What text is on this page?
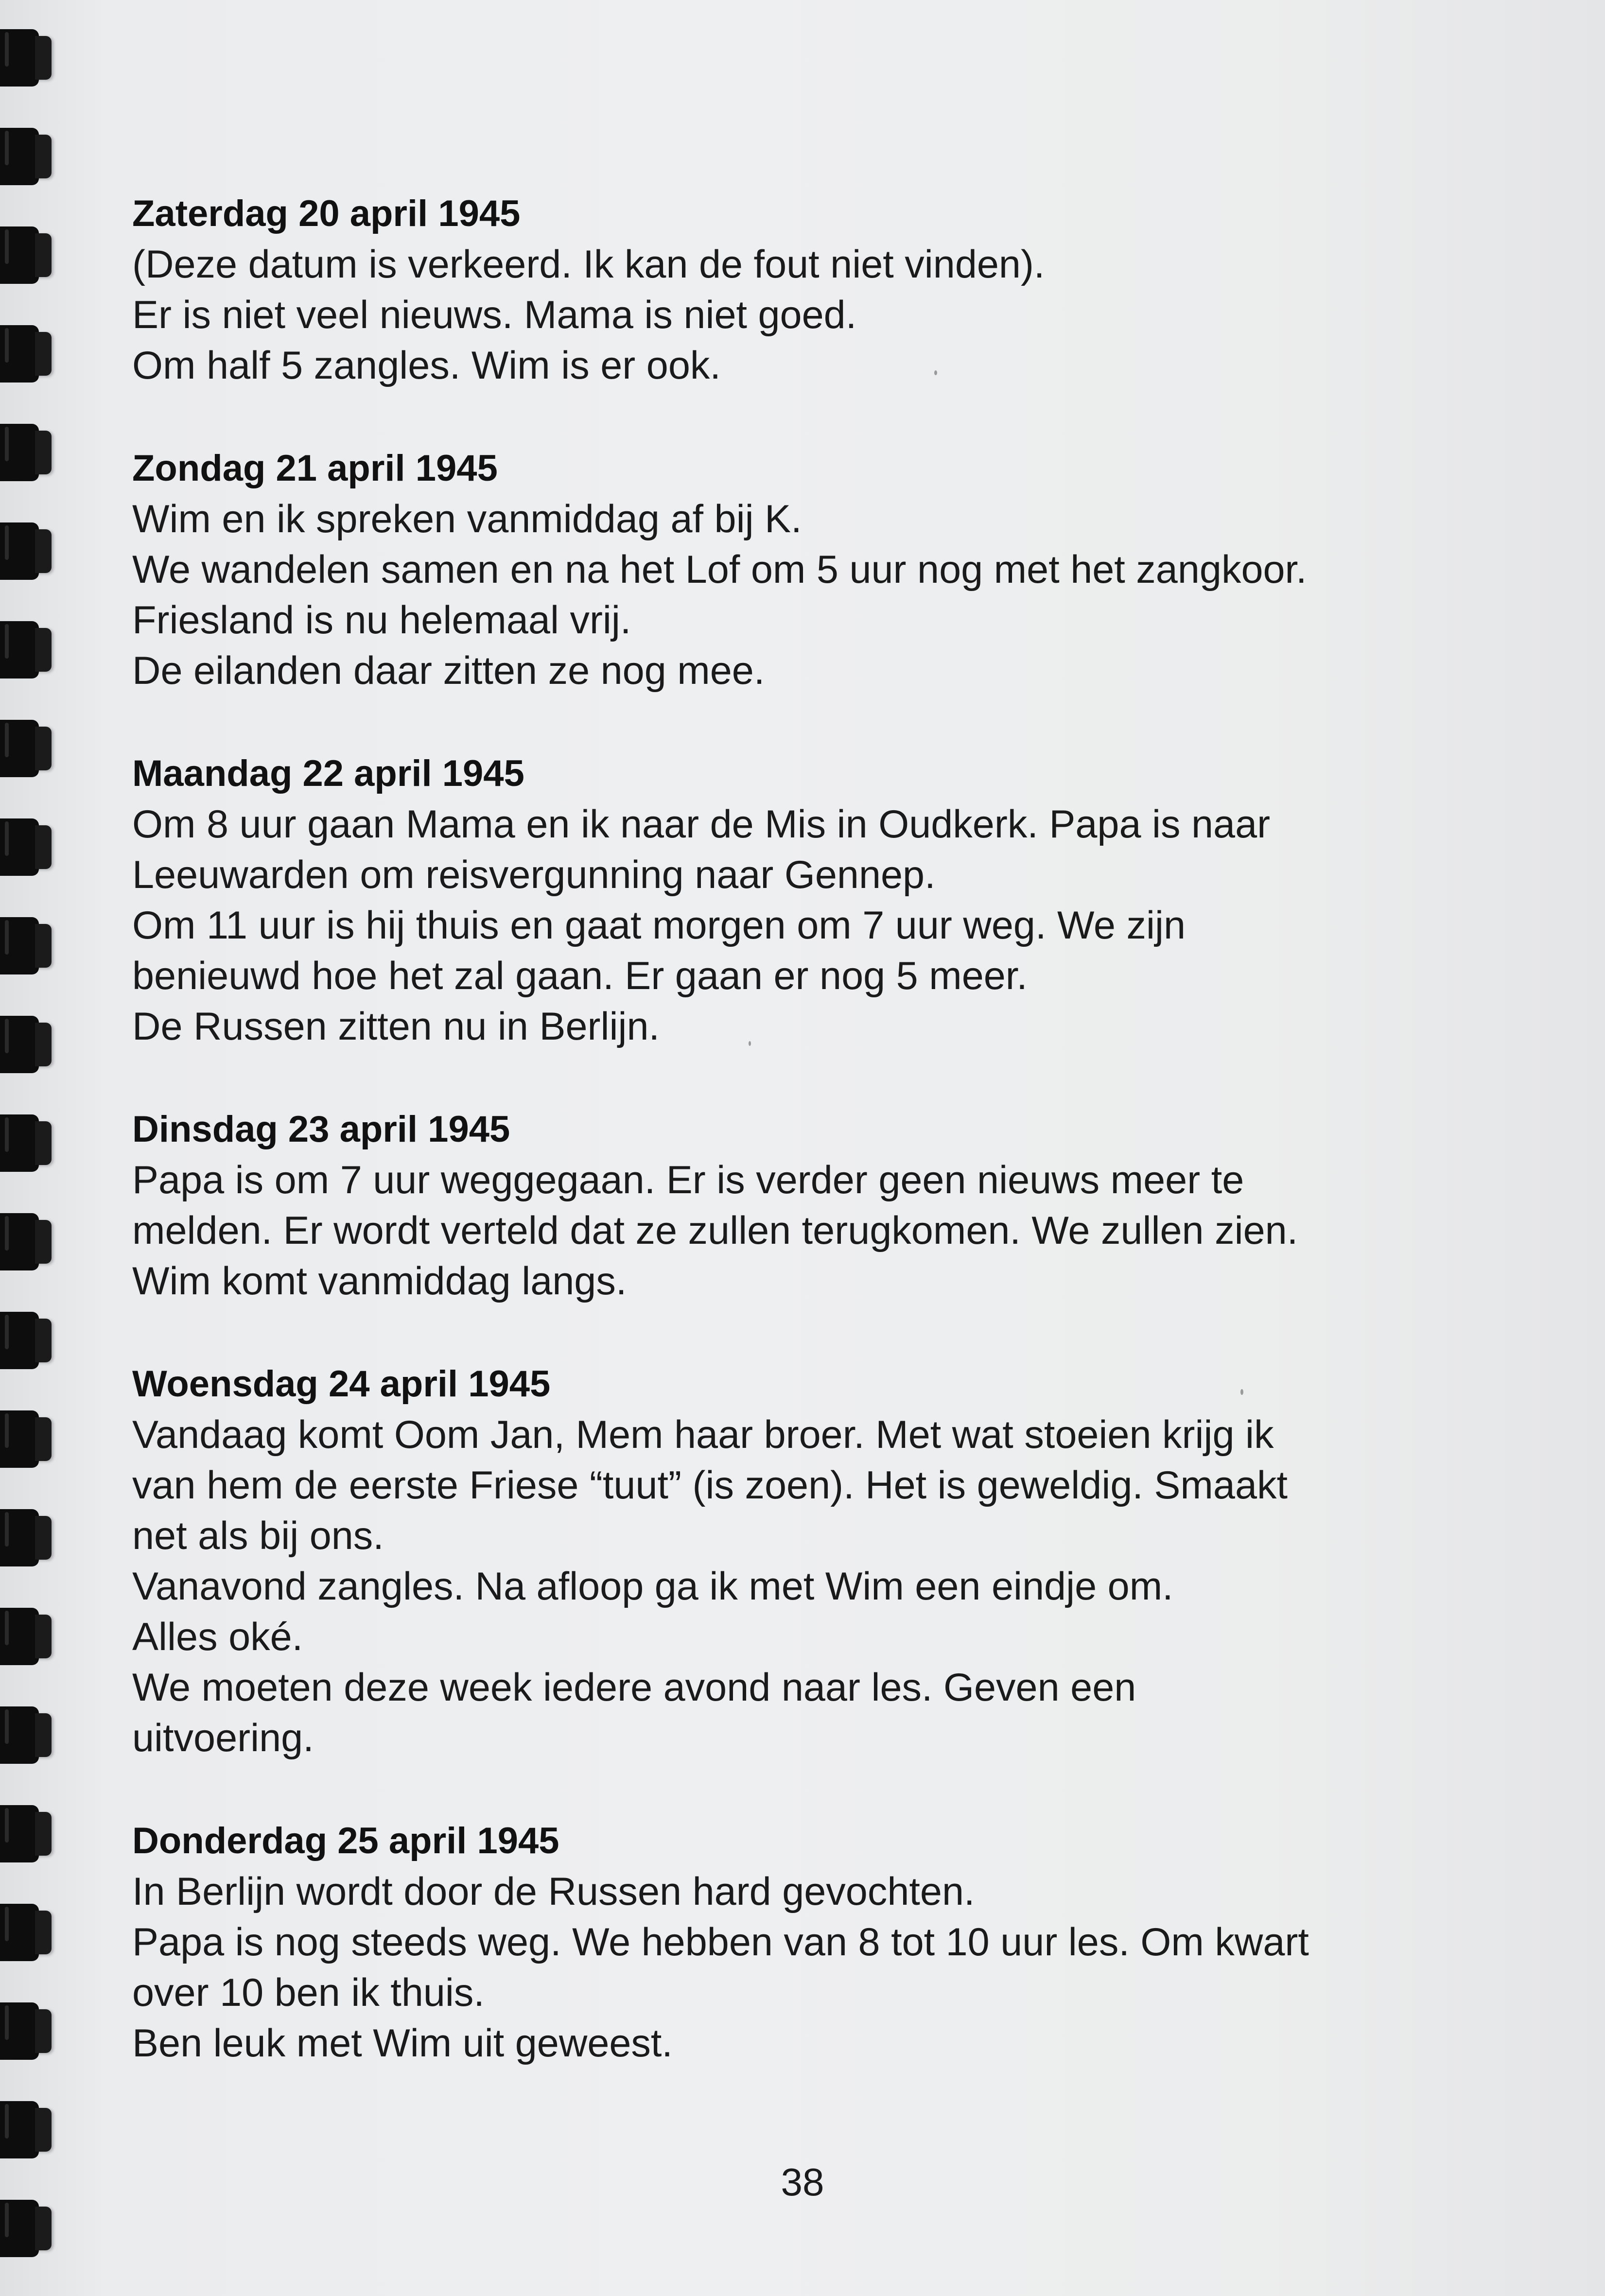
Zaterdag 20 april 1945
(Deze datum is verkeerd. Ik kan de fout niet vinden).
Er is niet veel nieuws. Mama is niet goed.
Om half 5 zangles. Wim is er ook.
Zondag 21 april 1945
Wim en ik spreken vanmiddag af bij K.
We wandelen samen en na het Lof om 5 uur nog met het zangkoor.
Friesland is nu helemaal vrij.
De eilanden daar zitten ze nog mee.
Maandag 22 april 1945
Om 8 uur gaan Mama en ik naar de Mis in Oudkerk. Papa is naar
Leeuwarden om reisvergunning naar Gennep.
Om 11 uur is hij thuis en gaat morgen om 7 uur weg. We zijn
benieuwd hoe het zal gaan. Er gaan er nog 5 meer.
De Russen zitten nu in Berlijn.
Dinsdag 23 april 1945
Papa is om 7 uur weggegaan. Er is verder geen nieuws meer te
melden. Er wordt verteld dat ze zullen terugkomen. We zullen zien.
Wim komt vanmiddag langs.
Woensdag 24 april 1945
Vandaag komt Oom Jan, Mem haar broer. Met wat stoeien krijg ik
van hem de eerste Friese “tuut” (is zoen). Het is geweldig. Smaakt
net als bij ons.
Vanavond zangles. Na afloop ga ik met Wim een eindje om.
Alles oké.
We moeten deze week iedere avond naar les. Geven een
uitvoering.
Donderdag 25 april 1945
In Berlijn wordt door de Russen hard gevochten.
Papa is nog steeds weg. We hebben van 8 tot 10 uur les. Om kwart
over 10 ben ik thuis.
Ben leuk met Wim uit geweest.
38
